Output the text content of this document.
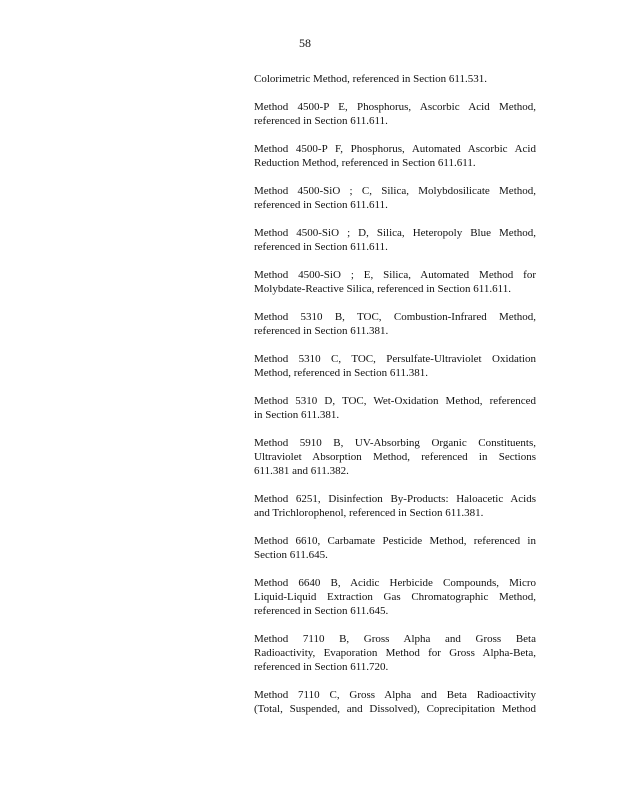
58
Colorimetric Method, referenced in Section 611.531.
Method 4500-P E, Phosphorus, Ascorbic Acid Method,
referenced in Section 611.611.
Method 4500-P F, Phosphorus, Automated Ascorbic Acid
Reduction Method, referenced in Section 611.611.
Method 4500-SiO ; C, Silica, Molybdosilicate Method,
referenced in Section 611.611.
Method 4500-SiO ; D, Silica, Heteropoly Blue Method,
referenced in Section 611.611.
Method 4500-SiO ; E, Silica, Automated Method for
Molybdate-Reactive Silica, referenced in Section 611.611.
Method 5310 B, TOC, Combustion-Infrared Method,
referenced in Section 611.381.
Method 5310 C, TOC, Persulfate-Ultraviolet Oxidation
Method, referenced in Section 611.381.
Method 5310 D, TOC, Wet-Oxidation Method, referenced
in Section 611.381.
Method 5910 B, UV-Absorbing Organic Constituents,
Ultraviolet Absorption Method, referenced in Sections
611.381 and 611.382.
Method 6251, Disinfection By-Products: Haloacetic Acids
and Trichlorophenol, referenced in Section 611.381.
Method 6610, Carbamate Pesticide Method, referenced in
Section 611.645.
Method 6640 B, Acidic Herbicide Compounds, Micro
Liquid-Liquid Extraction Gas Chromatographic Method,
referenced in Section 611.645.
Method 7110 B, Gross Alpha and Gross Beta
Radioactivity, Evaporation Method for Gross Alpha-Beta,
referenced in Section 611.720.
Method 7110 C, Gross Alpha and Beta Radioactivity
(Total, Suspended, and Dissolved), Coprecipitation Method
